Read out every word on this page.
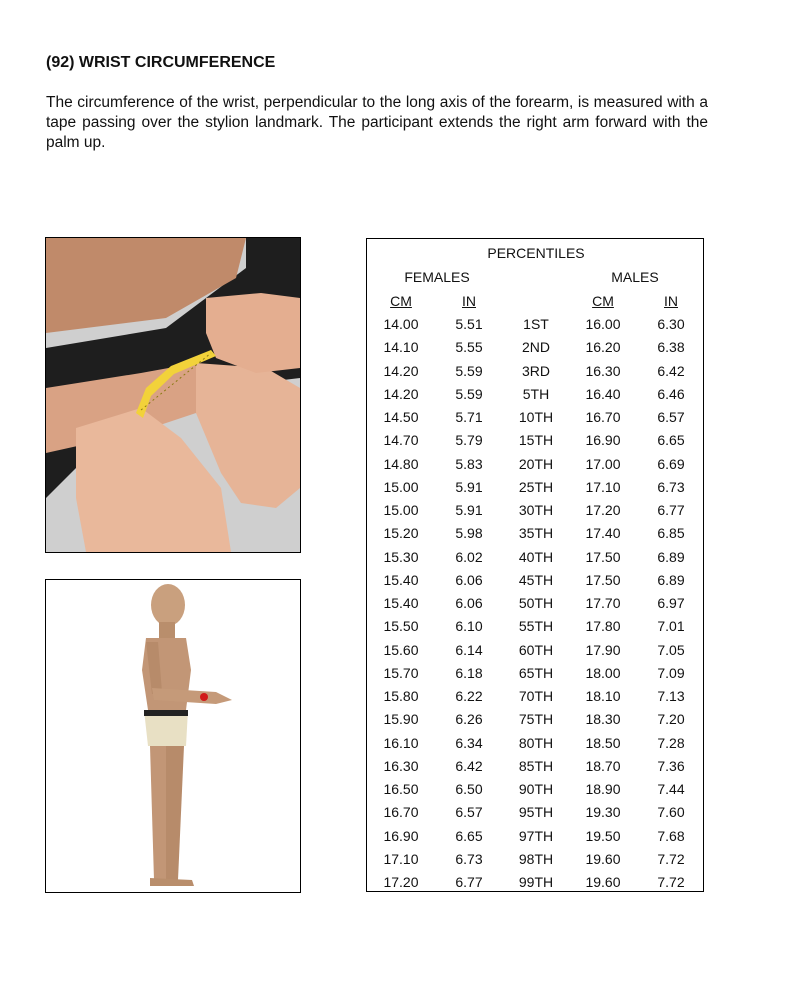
(92) WRIST CIRCUMFERENCE
The circumference of the wrist, perpendicular to the long axis of the forearm, is measured with a tape passing over the stylion landmark. The participant extends the right arm forward with the palm up.
PERCENTILES
FEMALES	MALES
CM	IN	CM	IN
14.00	5.51	1ST	16.00	6.30
14.10	5.55	2ND	16.20	6.38
14.20	5.59	3RD	16.30	6.42
14.20	5.59	5TH	16.40	6.46
14.50	5.71	10TH	16.70	6.57
14.70	5.79	15TH	16.90	6.65
14.80	5.83	20TH	17.00	6.69
15.00	5.91	25TH	17.10	6.73
15.00	5.91	30TH	17.20	6.77
15.20	5.98	35TH	17.40	6.85
15.30	6.02	40TH	17.50	6.89
15.40	6.06	45TH	17.50	6.89
15.40	6.06	50TH	17.70	6.97
15.50	6.10	55TH	17.80	7.01
15.60	6.14	60TH	17.90	7.05
15.70	6.18	65TH	18.00	7.09
15.80	6.22	70TH	18.10	7.13
15.90	6.26	75TH	18.30	7.20
16.10	6.34	80TH	18.50	7.28
16.30	6.42	85TH	18.70	7.36
16.50	6.50	90TH	18.90	7.44
16.70	6.57	95TH	19.30	7.60
16.90	6.65	97TH	19.50	7.68
17.10	6.73	98TH	19.60	7.72
17.20	6.77	99TH	19.60	7.72
